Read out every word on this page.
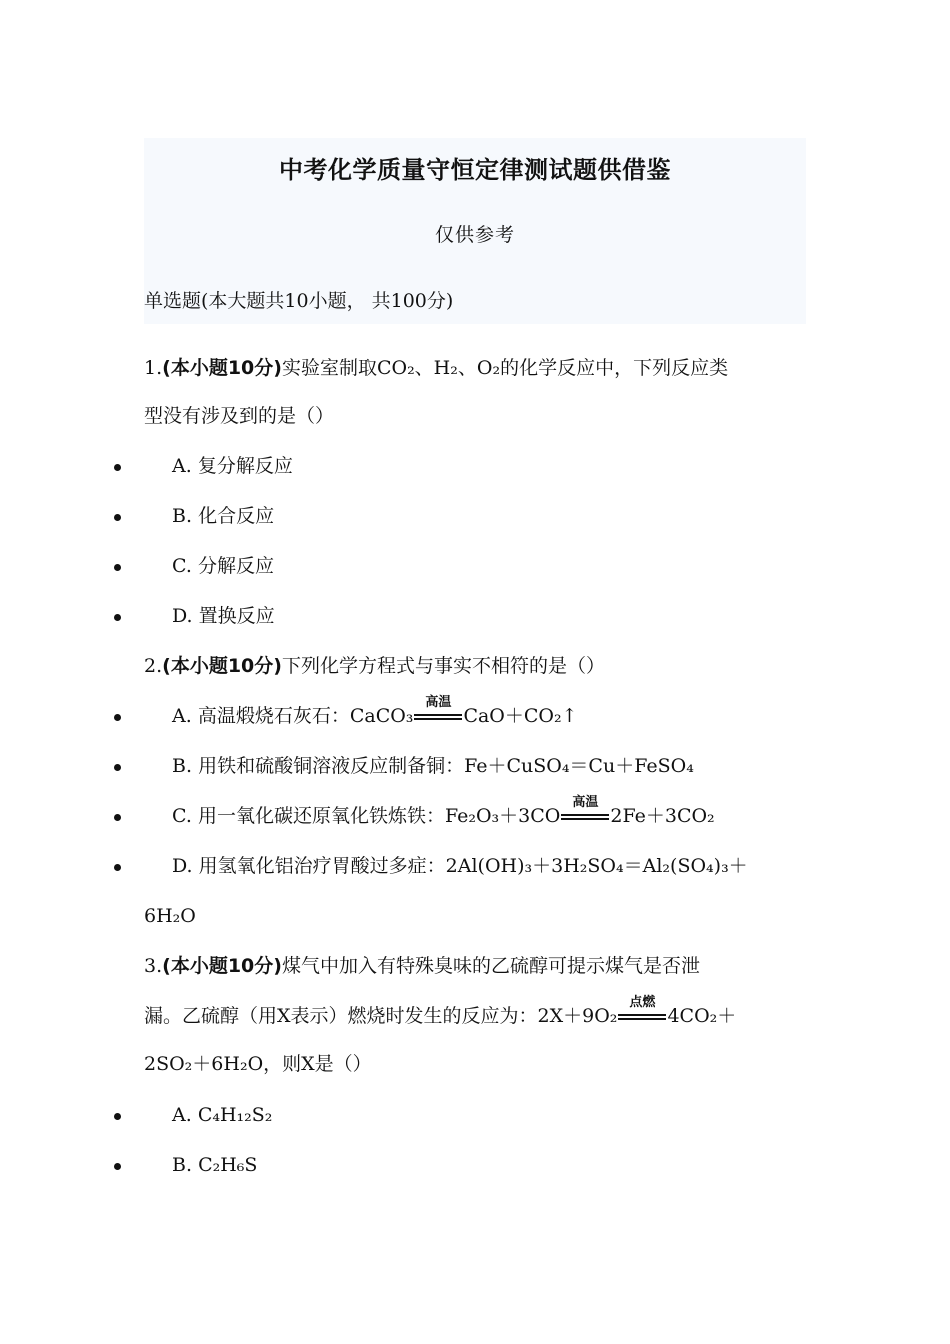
中考化学质量守恒定律测试题供借鉴
仅供参考
单选题(本大题共10小题， 共100分)
1.(本小题10分)实验室制取CO₂、H₂、O₂的化学反应中，下列反应类
型没有涉及到的是（）
A. 复分解反应
B. 化合反应
C. 分解反应
D. 置换反应
2.(本小题10分)下列化学方程式与事实不相符的是（）
A. 高温煅烧石灰石：CaCO₃
高温
CaO＋CO₂↑
B. 用铁和硫酸铜溶液反应制备铜：Fe＋CuSO₄＝Cu＋FeSO₄
C. 用一氧化碳还原氧化铁炼铁：Fe₂O₃＋3CO
高温
2Fe＋3CO₂
D. 用氢氧化铝治疗胃酸过多症：2Al(OH)₃＋3H₂SO₄＝Al₂(SO₄)₃＋
6H₂O
3.(本小题10分)煤气中加入有特殊臭味的乙硫醇可提示煤气是否泄
漏。乙硫醇（用X表示）燃烧时发生的反应为：2X＋9O₂
点燃
4CO₂＋
2SO₂＋6H₂O，则X是（）
A. C₄H₁₂S₂
B. C₂H₆S
